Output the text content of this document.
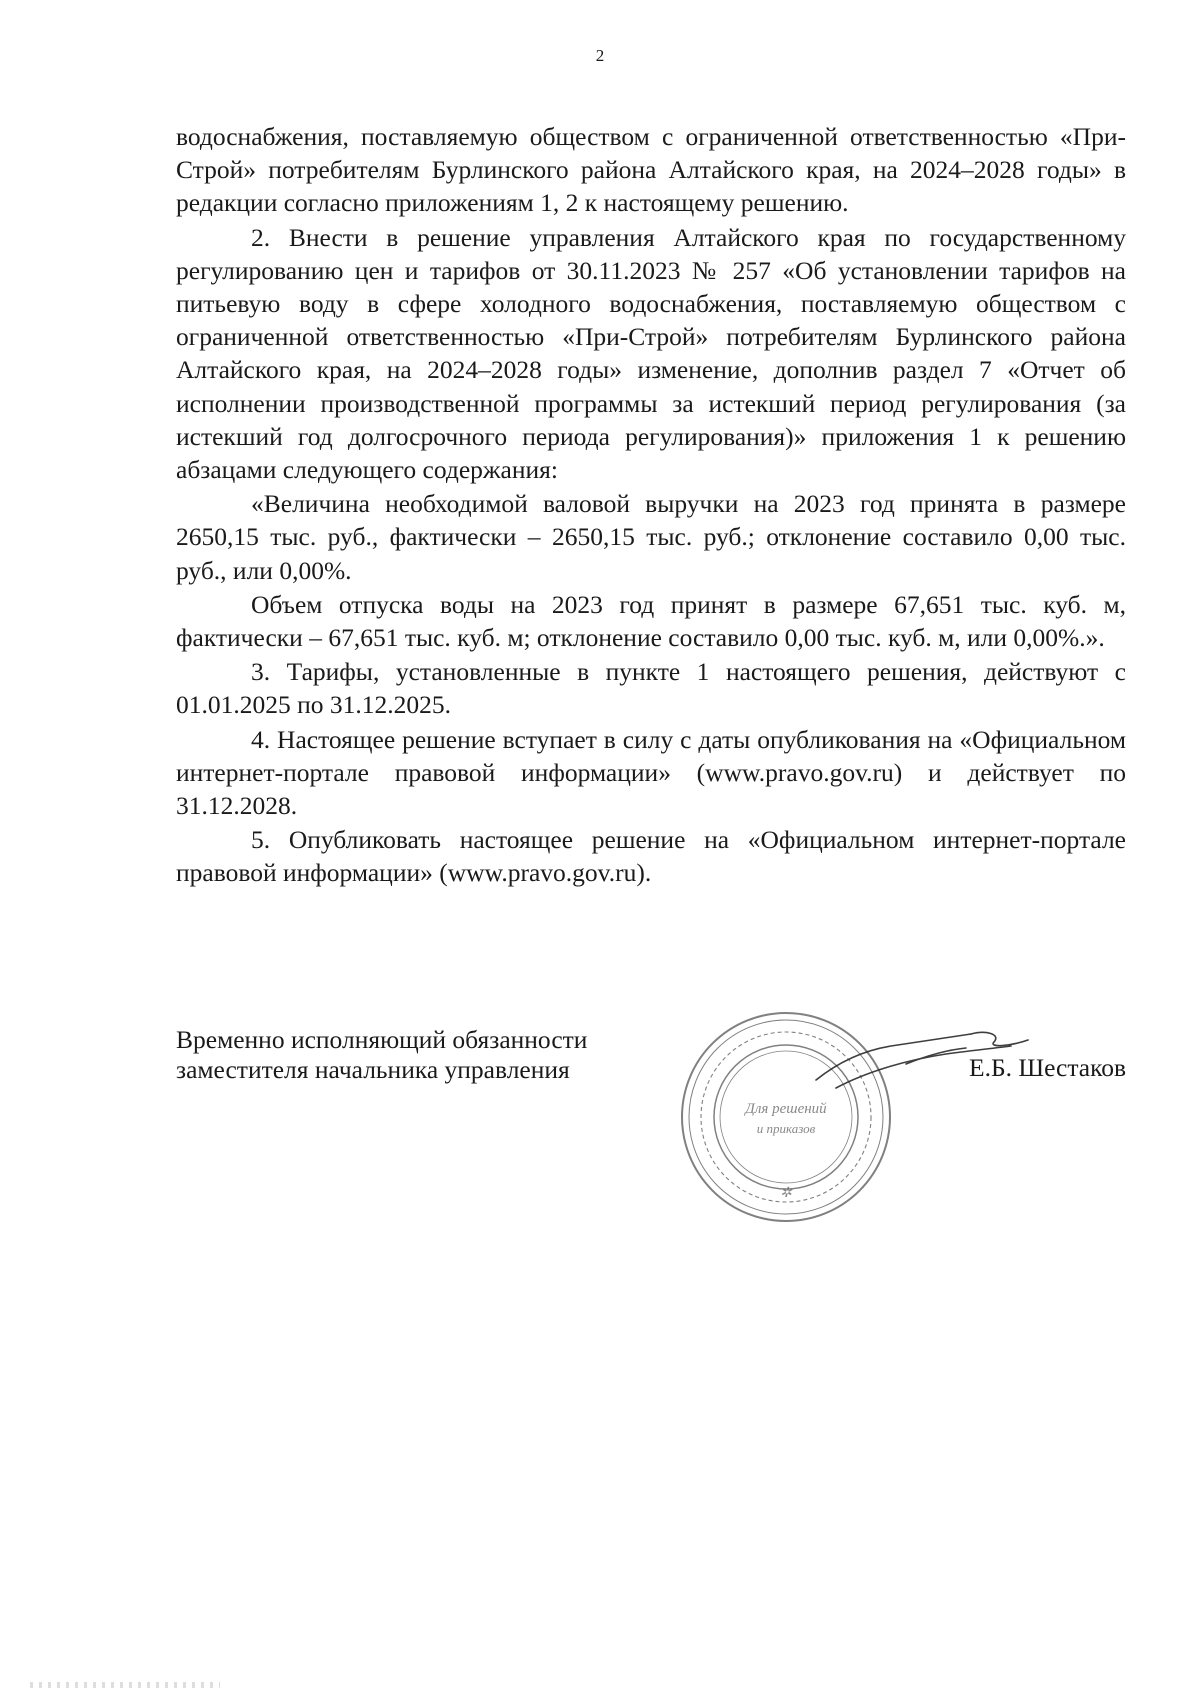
2

водоснабжения, поставляемую обществом с ограниченной ответственностью «При-Строй» потребителям Бурлинского района Алтайского края, на 2024–2028 годы» в редакции согласно приложениям 1, 2 к настоящему решению.

2. Внести в решение управления Алтайского края по государственному регулированию цен и тарифов от 30.11.2023 № 257 «Об установлении тарифов на питьевую воду в сфере холодного водоснабжения, поставляемую обществом с ограниченной ответственностью «При-Строй» потребителям Бурлинского района Алтайского края, на 2024–2028 годы» изменение, дополнив раздел 7 «Отчет об исполнении производственной программы за истекший период регулирования (за истекший год долгосрочного периода регулирования)» приложения 1 к решению абзацами следующего содержания:

«Величина необходимой валовой выручки на 2023 год принята в размере 2650,15 тыс. руб., фактически – 2650,15 тыс. руб.; отклонение составило 0,00 тыс. руб., или 0,00%.

Объем отпуска воды на 2023 год принят в размере 67,651 тыс. куб. м, фактически – 67,651 тыс. куб. м; отклонение составило 0,00 тыс. куб. м, или 0,00%.».

3. Тарифы, установленные в пункте 1 настоящего решения, действуют с 01.01.2025 по 31.12.2025.

4. Настоящее решение вступает в силу с даты опубликования на «Официальном интернет-портале правовой информации» (www.pravo.gov.ru) и действует по 31.12.2028.

5. Опубликовать настоящее решение на «Официальном интернет-портале правовой информации» (www.pravo.gov.ru).

Временно исполняющий обязанности
заместителя начальника управления
Для решений
и приказов
✲
Е.Б. Шестаков
